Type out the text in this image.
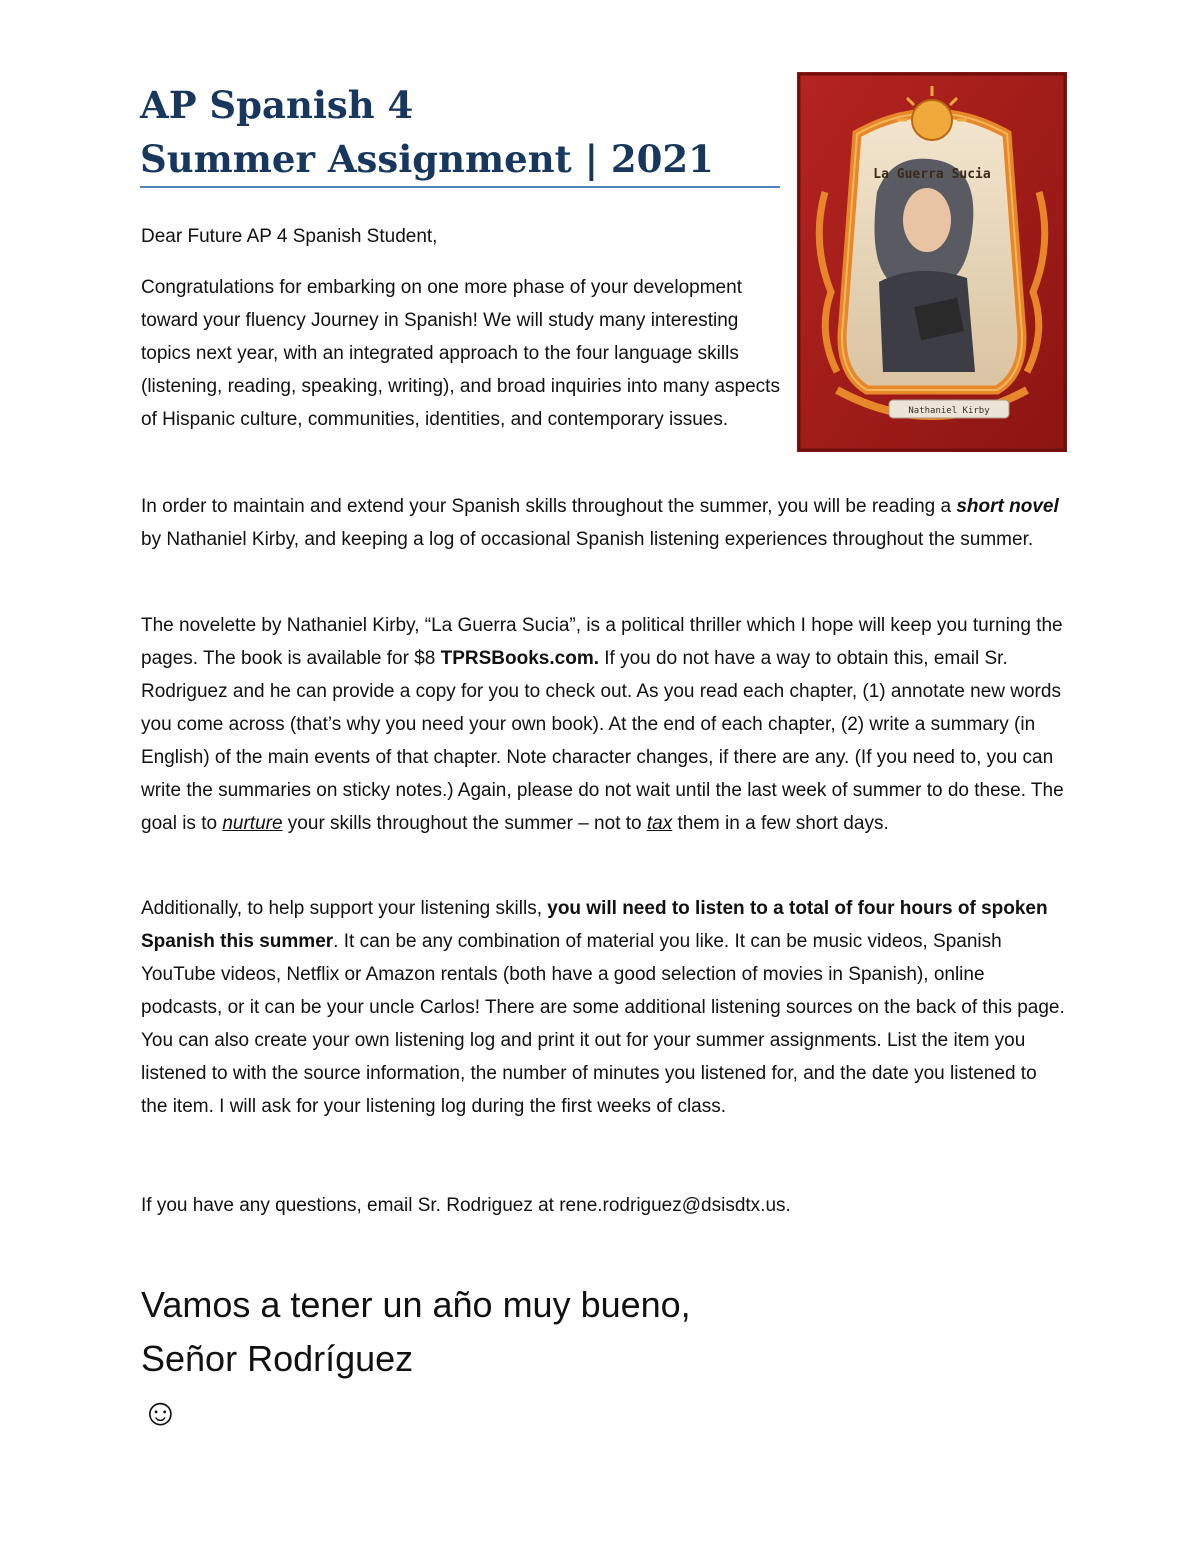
AP Spanish 4
Summer Assignment | 2021
Nathaniel Kirby
La Guerra Sucia

Dear Future AP 4 Spanish Student,

Congratulations for embarking on one more phase of your development toward your fluency Journey in Spanish! We will study many interesting topics next year, with an integrated approach to the four language skills (listening, reading, speaking, writing), and broad inquiries into many aspects of Hispanic culture, communities, identities, and contemporary issues.

In order to maintain and extend your Spanish skills throughout the summer, you will be reading a short novel by Nathaniel Kirby, and keeping a log of occasional Spanish listening experiences throughout the summer.

The novelette by Nathaniel Kirby, “La Guerra Sucia”, is a political thriller which I hope will keep you turning the pages. The book is available for $8 TPRSBooks.com. If you do not have a way to obtain this, email Sr. Rodriguez and he can provide a copy for you to check out. As you read each chapter, (1) annotate new words you come across (that’s why you need your own book). At the end of each chapter, (2) write a summary (in English) of the main events of that chapter. Note character changes, if there are any. (If you need to, you can write the summaries on sticky notes.) Again, please do not wait until the last week of summer to do these. The goal is to nurture your skills throughout the summer – not to tax them in a few short days.

Additionally, to help support your listening skills, you will need to listen to a total of four hours of spoken Spanish this summer. It can be any combination of material you like. It can be music videos, Spanish YouTube videos, Netflix or Amazon rentals (both have a good selection of movies in Spanish), online podcasts, or it can be your uncle Carlos! There are some additional listening sources on the back of this page. You can also create your own listening log and print it out for your summer assignments. List the item you listened to with the source information, the number of minutes you listened for, and the date you listened to the item. I will ask for your listening log during the first weeks of class.

If you have any questions, email Sr. Rodriguez at rene.rodriguez@dsisdtx.us.

Vamos a tener un año muy bueno,
Señor Rodríguez
☺
